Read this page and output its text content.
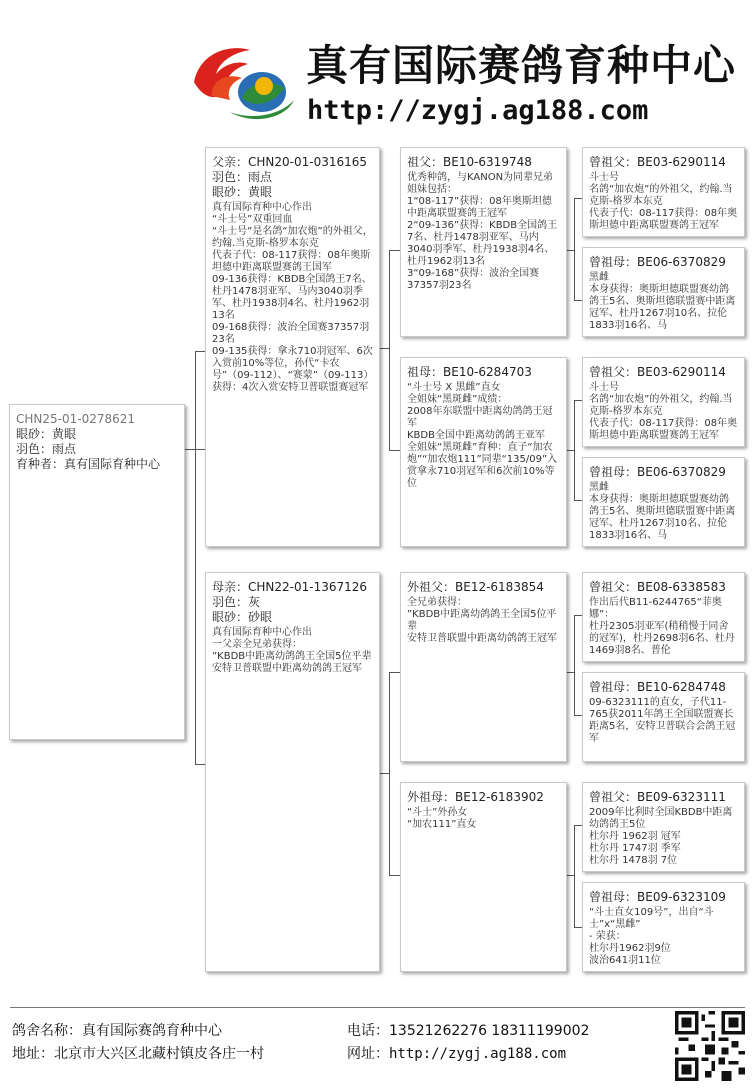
真有国际赛鸽育种中心
http://zygj.ag188.com
CHN25-01-0278621
眼砂：黄眼
羽色：雨点
育种者：真有国际育种中心
父亲：CHN20-01-0316165
羽色：雨点
眼砂：黄眼
真有国际育种中心作出
“斗士号”双重回血
“斗士号”是名鸽“加农炮”的外祖父，约翰.当克斯-格罗本东克
代表子代：08-117获得：08年奥斯坦德中距离联盟赛鸽王国军
09-136获得：KBDB全国鸽王7名、杜丹1478羽亚军、马内3040羽季军、杜丹1938羽4名、杜丹1962羽13名
09-168获得：波治全国赛37357羽23名
09-135获得：拿永710羽冠军、6次入赏前10%等位，孙代“卡农号”（09-112）、“赛蒙”（09-113）获得：4次入赏安特卫普联盟赛冠军
母亲：CHN22-01-1367126
羽色：灰
眼砂：砂眼
真有国际育种中心作出
一父亲全兄弟获得：
”KBDB中距离幼鸽鸽王全国5位平辈
安特卫普联盟中距离幼鸽鸽王冠军
祖父：BE10-6319748
优秀种鸽，与KANON为同辈兄弟姐妹包括：
1“08-117”获得：08年奥斯坦德中距离联盟赛鸽王冠军
2“09-136”获得：KBDB全国鸽王7名、杜丹1478羽亚军、马内3040羽季军、杜丹1938羽4名、杜丹1962羽13名
3“09-168”获得：波治全国赛37357羽23名
祖母：BE10-6284703
“斗士号 X 黑雌”直女
全姐妹“黑斑雌”成绩：
2008年东联盟中距离幼鸽鸽王冠军
KBDB全国中距离幼鸽鸽王亚军
全姐妹“黑斑雌”育种：直子“加农炮”“加农炮111”同辈“135/09”入赏拿永710羽冠军和6次前10%等位
外祖父：BE12-6183854
全兄弟获得：
”KBDB中距离幼鸽鸽王全国5位平辈
安特卫普联盟中距离幼鸽鸽王冠军
外祖母：BE12-6183902
“斗士”外孙女
“加农111”直女
曾祖父：BE03-6290114
斗士号
名鸽“加农炮”的外祖父，约翰.当克斯-格罗本东克
代表子代：08-117获得：08年奥斯坦德中距离联盟赛鸽王冠军
曾祖母：BE06-6370829
黑雌
本身获得：奥斯坦德联盟赛幼鸽鸽王5名、奥斯坦德联盟赛中距离冠军、杜丹1267羽10名、拉伦1833羽16名、马
曾祖父：BE03-6290114
斗士号
名鸽“加农炮”的外祖父，约翰.当克斯-格罗本东克
代表子代：08-117获得：08年奥斯坦德中距离联盟赛鸽王冠军
曾祖母：BE06-6370829
黑雌
本身获得：奥斯坦德联盟赛幼鸽鸽王5名、奥斯坦德联盟赛中距离冠军、杜丹1267羽10名、拉伦1833羽16名、马
曾祖父：BE08-6338583
作出后代B11-6244765“菲奥娜”：
杜丹2305羽亚军(稍稍慢于同舍的冠军)，杜丹2698羽6名、杜丹1469羽8名、普伦
曾祖母：BE10-6284748
09-6323111的直女，子代11-765获2011年鸽王全国联盟赛长距离5名，安特卫普联合会鸽王冠军
曾祖父：BE09-6323111
2009年比利时全国KBDB中距离幼鸽鸽王5位
杜尔丹 1962羽 冠军
杜尔丹 1747羽 季军
杜尔丹 1478羽 7位
曾祖母：BE09-6323109
“斗士直女109号”，出自“斗士”x“黑雌”
- 荣获：
杜尔丹1962羽9位
波治641羽11位
鸽舍名称：真有国际赛鸽育种中心
地址：北京市大兴区北藏村镇皮各庄一村
电话：13521262276 18311199002
网址：http://zygj.ag188.com
